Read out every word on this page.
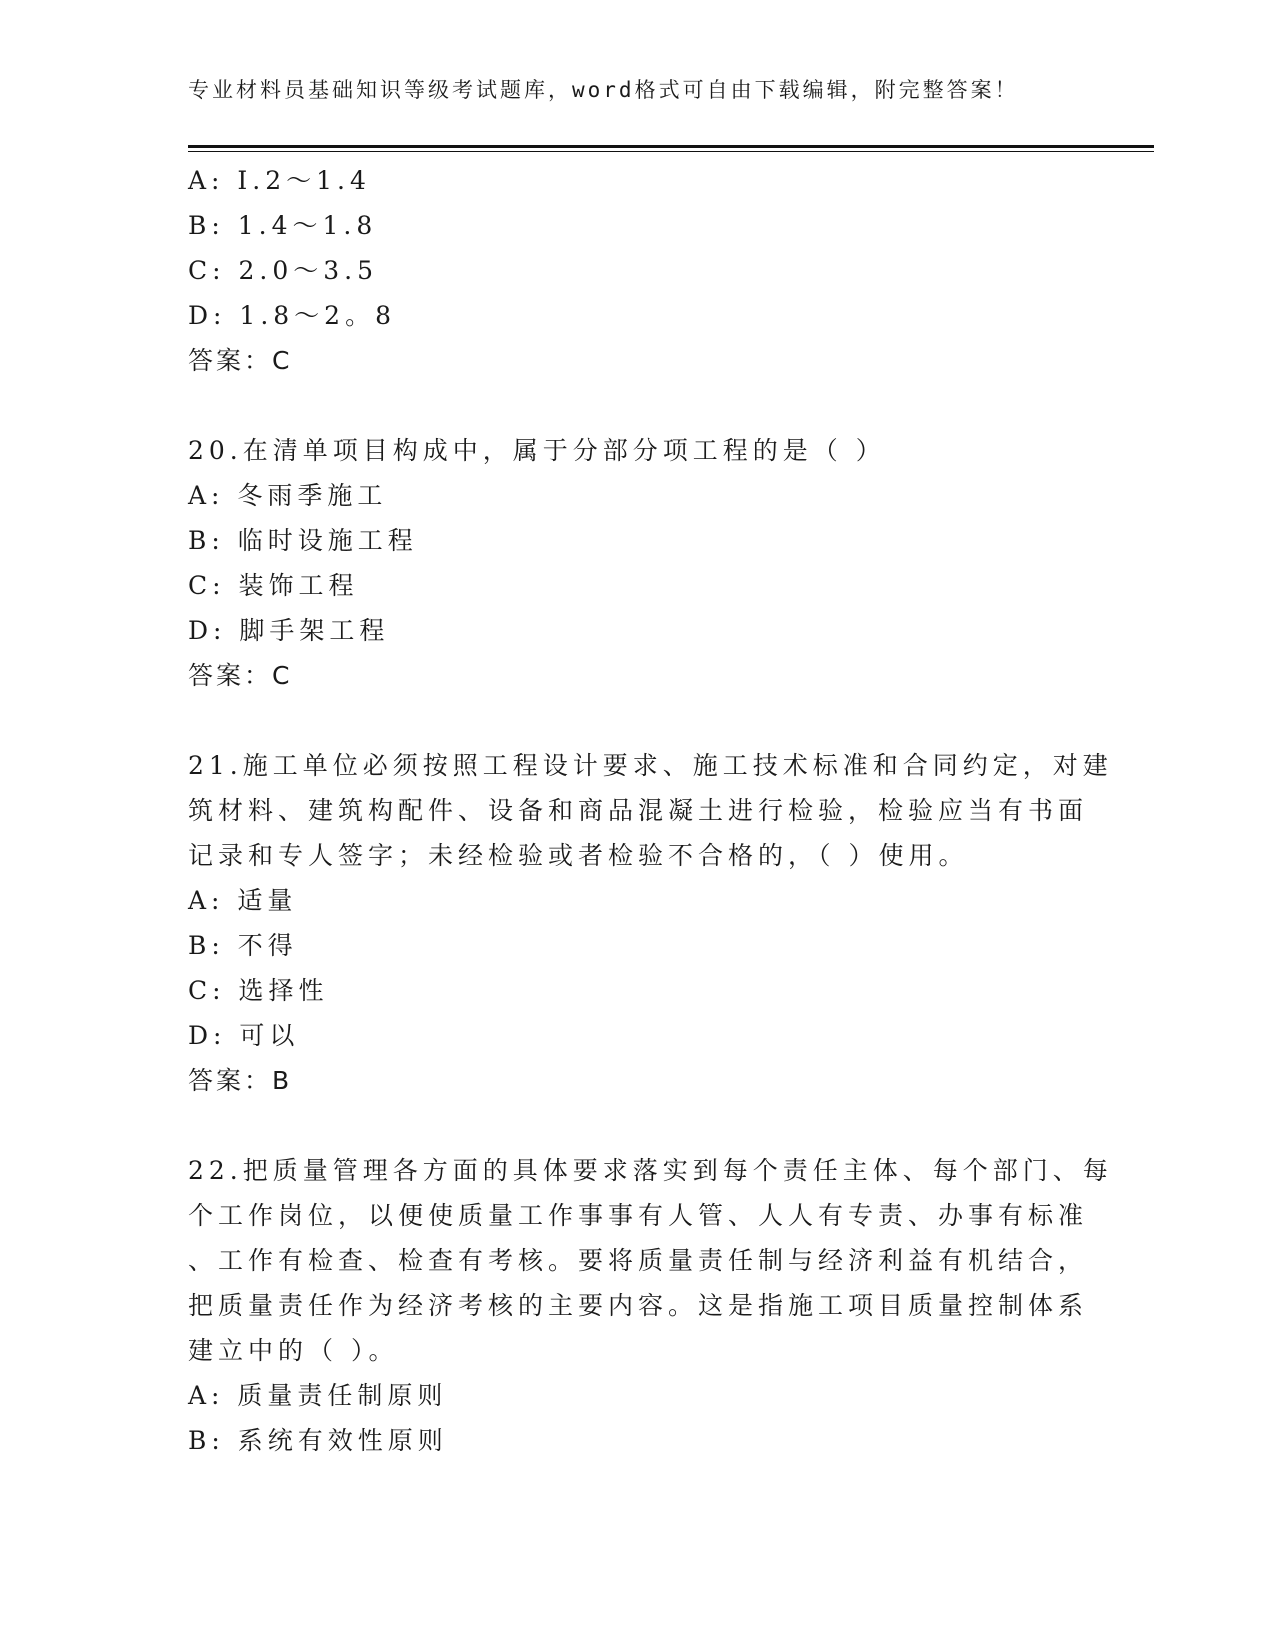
专业材料员基础知识等级考试题库，word格式可自由下载编辑，附完整答案！
A: I.2～1.4
B: 1.4～1.8
C: 2.0～3.5
D: 1.8～2。8
答案：C
20.在清单项目构成中，属于分部分项工程的是（ ）
A: 冬雨季施工
B: 临时设施工程
C: 装饰工程
D: 脚手架工程
答案：C
21.施工单位必须按照工程设计要求、施工技术标准和合同约定，对建
筑材料、建筑构配件、设备和商品混凝土进行检验，检验应当有书面
记录和专人签字；未经检验或者检验不合格的，（ ）使用。
A: 适量
B: 不得
C: 选择性
D: 可以
答案：B
22.把质量管理各方面的具体要求落实到每个责任主体、每个部门、每
个工作岗位，以便使质量工作事事有人管、人人有专责、办事有标准
、工作有检查、检查有考核。要将质量责任制与经济利益有机结合，
把质量责任作为经济考核的主要内容。这是指施工项目质量控制体系
建立中的（ ）。
A: 质量责任制原则
B: 系统有效性原则
